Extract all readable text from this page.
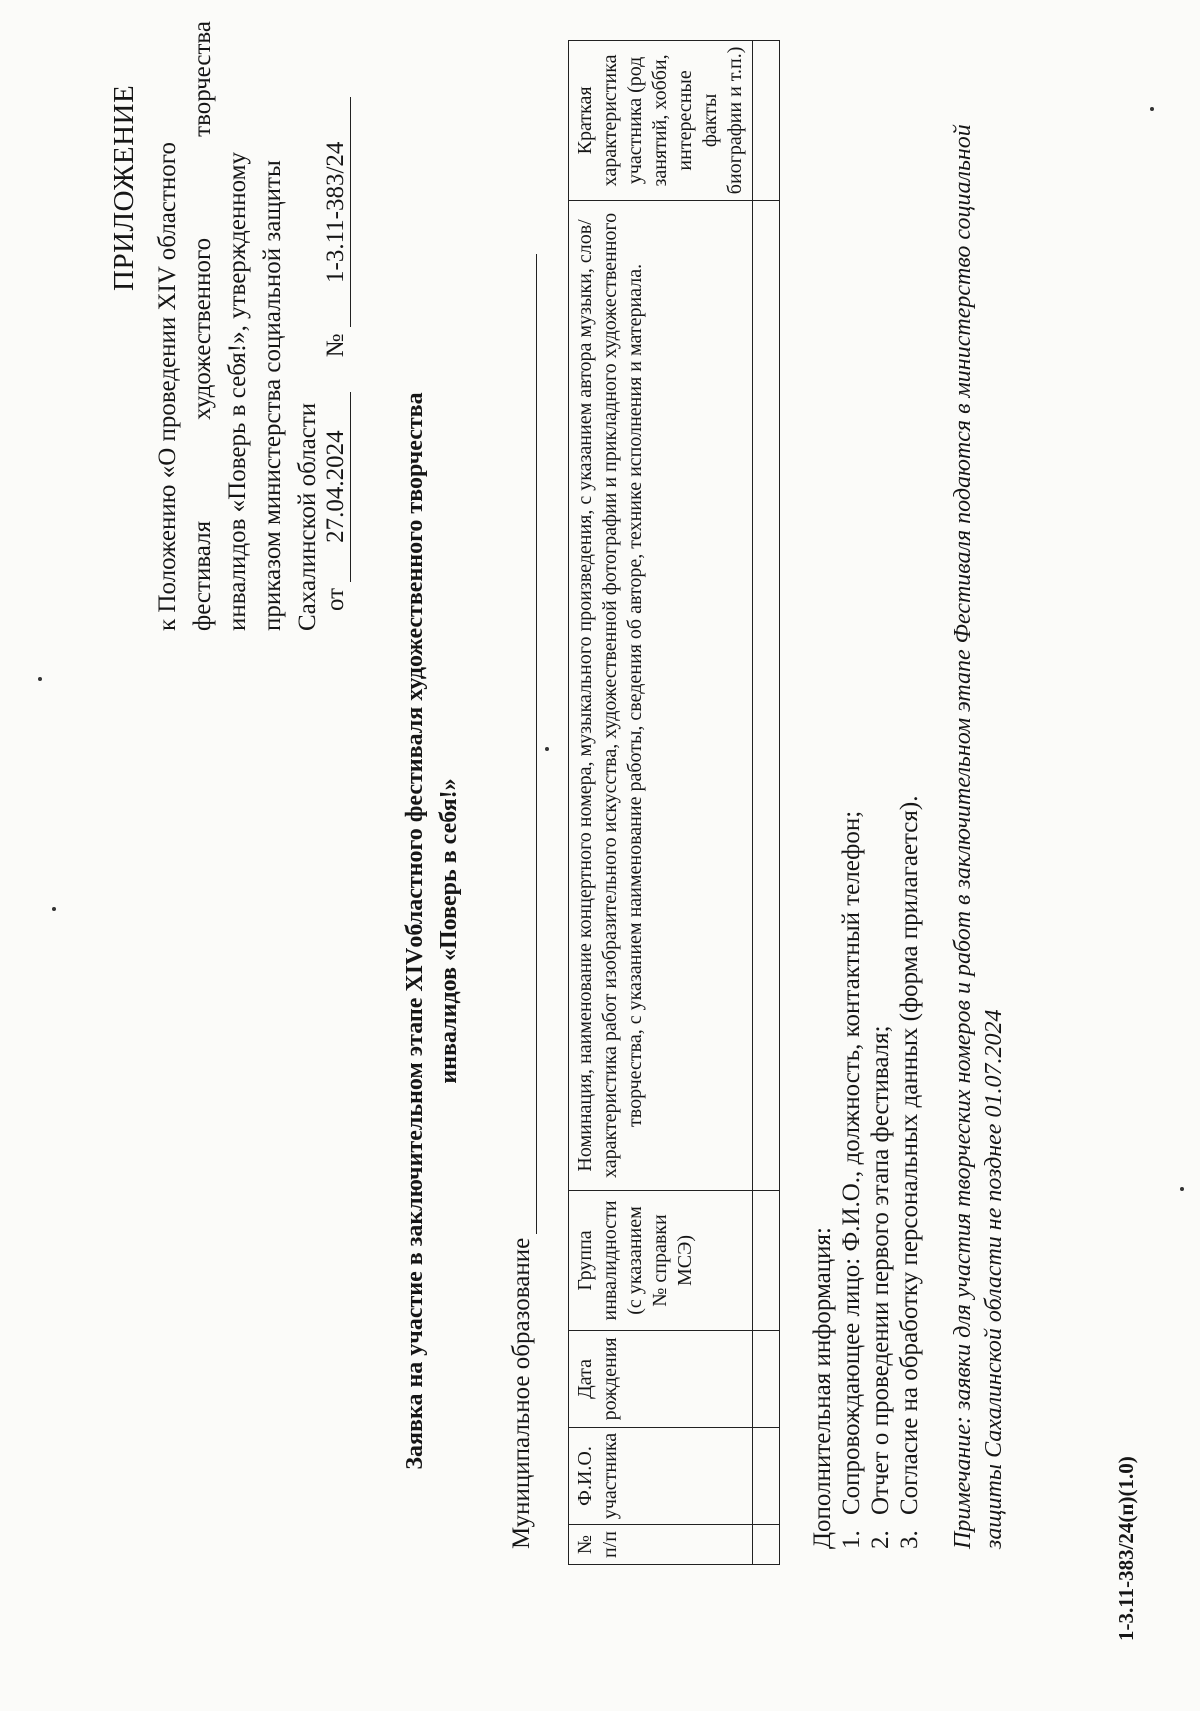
ПРИЛОЖЕНИЕ к Положению «О проведении XIV областного фестиваля художественного творчества инвалидов «Поверь в себя!», утвержденному приказом министерства социальной защиты Сахалинской области от 27.04.2024 № 1-3.11-383/24
Заявка на участие в заключительном этапе XIVобластного фестиваля художественного творчества инвалидов «Поверь в себя!»
Муниципальное образование № п/п	Ф.И.О. участника	Дата рождения	Группа инвалидности (с указанием № справки МСЭ)	Номинация, наименование концертного номера, музыкального произведения, с указанием автора музыки, слов/характеристика работ изобразительного искусства, художественной фотографии и прикладного художественного творчества, с указанием наименование работы, сведения об авторе, технике исполнения и материала.	Краткая характеристика участника (род занятий, хобби, интересные факты биографии и т.п.)

Дополнительная информация: 1.Сопровождающее лицо: Ф.И.О., должность, контактный телефон;
2.Отчет о проведении первого этапа фестиваля;
3.Согласие на обработку персональных данных (форма прилагается). Примечание: заявки для участия творческих номеров и работ в заключительном этапе Фестиваля подаются в министерство социальной защиты Сахалинской области не позднее 01.07.2024	1-3.11-383/24(п)(1.0)
